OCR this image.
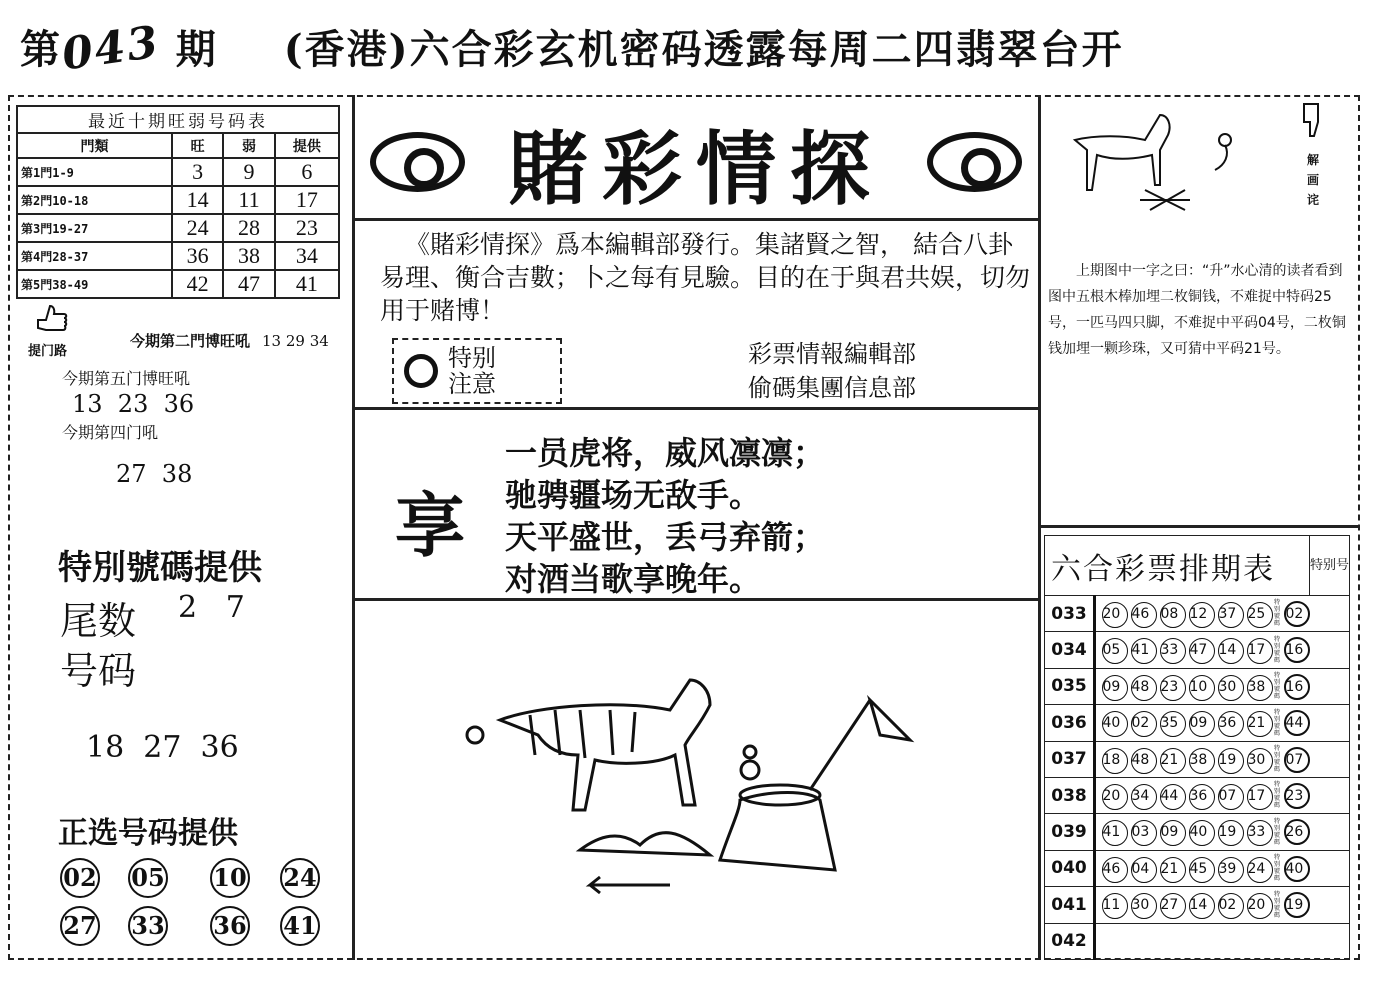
第043 期 (香港)六合彩玄机密码透露每周二四翡翠台开
最近十期旺弱号码表			
門類	旺	弱	提供
第1門1-9	3	9	6
第2門10-18	14	11	17
第3門19-27	24	28	23
第4門28-37	36	38	34
第5門38-49	42	47	41
提门路
今期第二門博旺吼 13 29 34
今期第五门博旺吼
13  23  36
今期第四门吼
27  38
特別號碼提供
尾数 2   7
号码
18  27  36
正选号码提供
02 05 10 24
27 33 36 41
賭彩情探
《賭彩情探》爲本編輯部發行。集諸賢之智， 結合八卦易理、衡合吉數；卜之每有見驗。目的在于與君共娱，切勿用于赌博！
特别
注意
彩票情報編輯部
偷碼集團信息部
享
一员虎将，威风凛凛；
驰骋疆场无敌手。
天平盛世，丢弓弃箭；
对酒当歌享晚年。
解画诧
上期图中一字之曰：“升”水心清的读者看到图中五根木棒加埋二枚铜钱，不难捉中特码25号，一匹马四只脚，不难捉中平码04号，二枚铜钱加埋一颗珍珠，又可猜中平码21号。
六合彩票排期表		特别号
033	20 46 08 12 37 25特别號碼02	
034	05 41 33 47 14 17特别號碼16	
035	09 48 23 10 30 38特别號碼16	
036	40 02 35 09 36 21特别號碼44	
037	18 48 21 38 19 30特别號碼07	
038	20 34 44 36 07 17特别號碼23	
039	41 03 09 40 19 33特别號碼26	
040	46 04 21 45 39 24特别號碼40	
041	11 30 27 14 02 20特别號碼19	
042		
